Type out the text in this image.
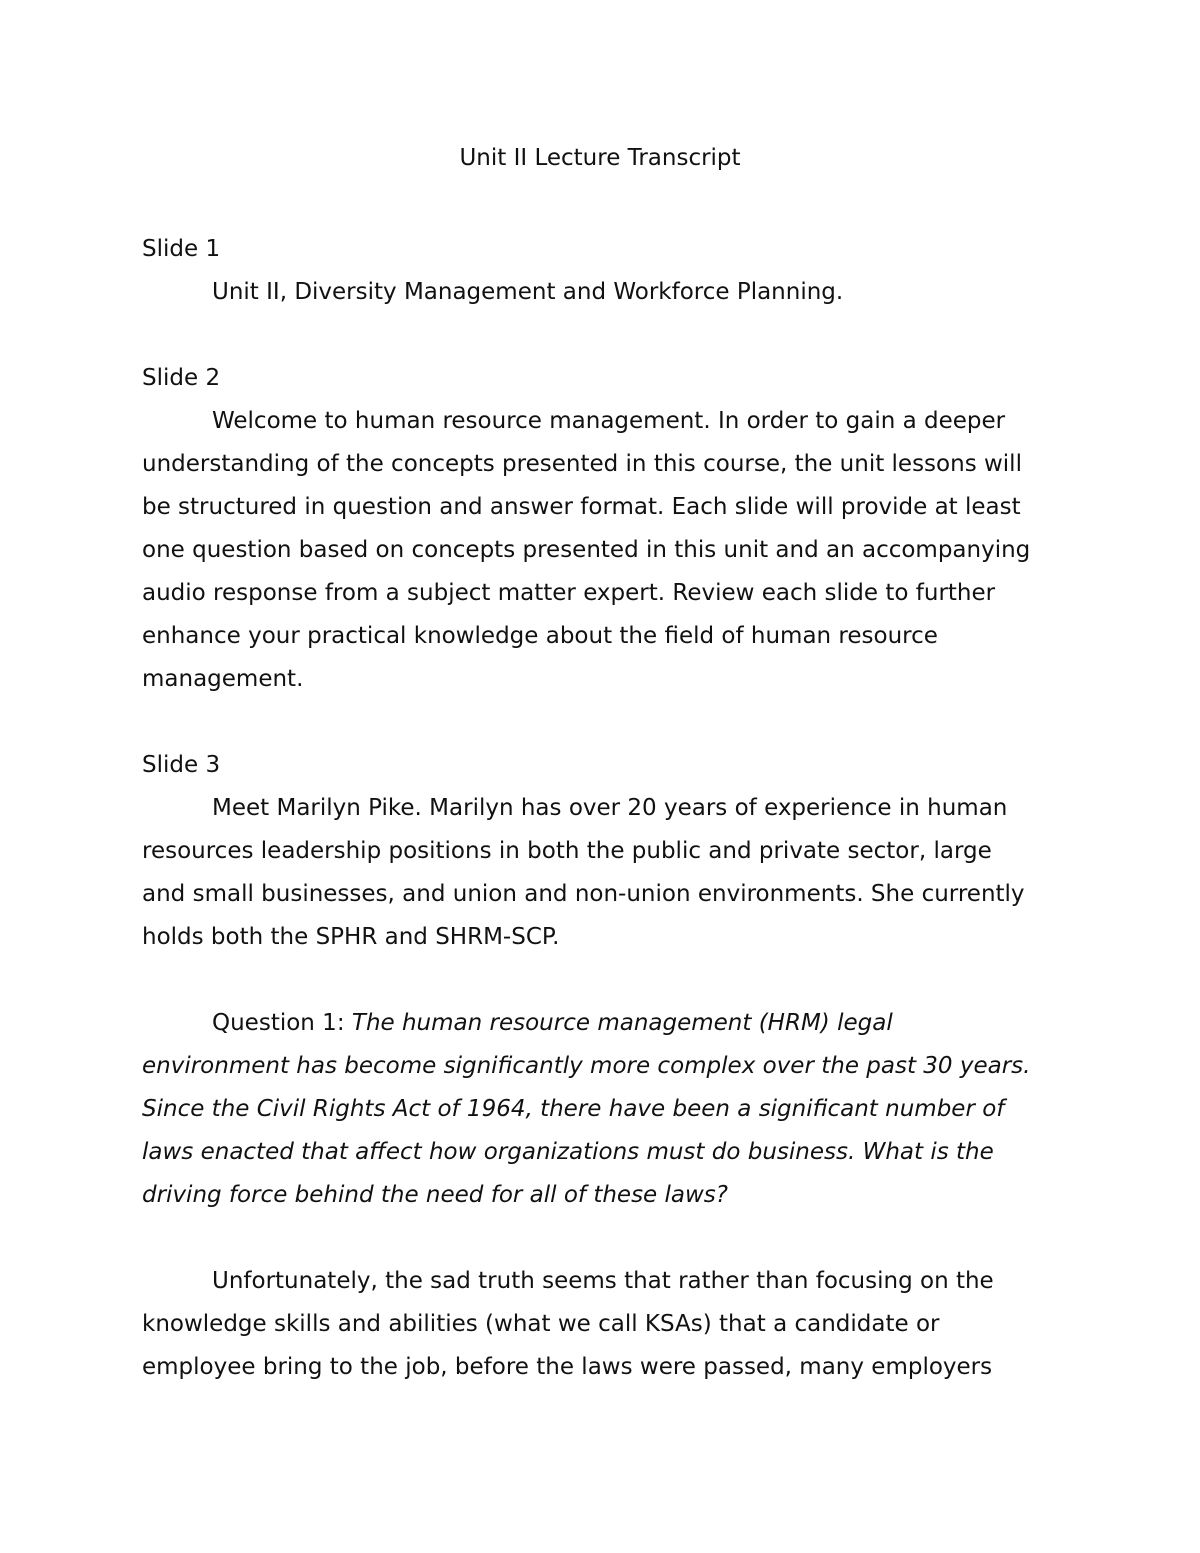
Unit II Lecture Transcript

Slide 1

Unit II, Diversity Management and Workforce Planning.

Slide 2

Welcome to human resource management. In order to gain a deeper
understanding of the concepts presented in this course, the unit lessons will
be structured in question and answer format. Each slide will provide at least
one question based on concepts presented in this unit and an accompanying
audio response from a subject matter expert. Review each slide to further
enhance your practical knowledge about the field of human resource
management.

Slide 3

Meet Marilyn Pike. Marilyn has over 20 years of experience in human
resources leadership positions in both the public and private sector, large
and small businesses, and union and non-union environments. She currently
holds both the SPHR and SHRM-SCP.

Question 1: The human resource management (HRM) legal
environment has become significantly more complex over the past 30 years.
Since the Civil Rights Act of 1964, there have been a significant number of
laws enacted that affect how organizations must do business. What is the
driving force behind the need for all of these laws?

Unfortunately, the sad truth seems that rather than focusing on the
knowledge skills and abilities (what we call KSAs) that a candidate or
employee bring to the job, before the laws were passed, many employers
